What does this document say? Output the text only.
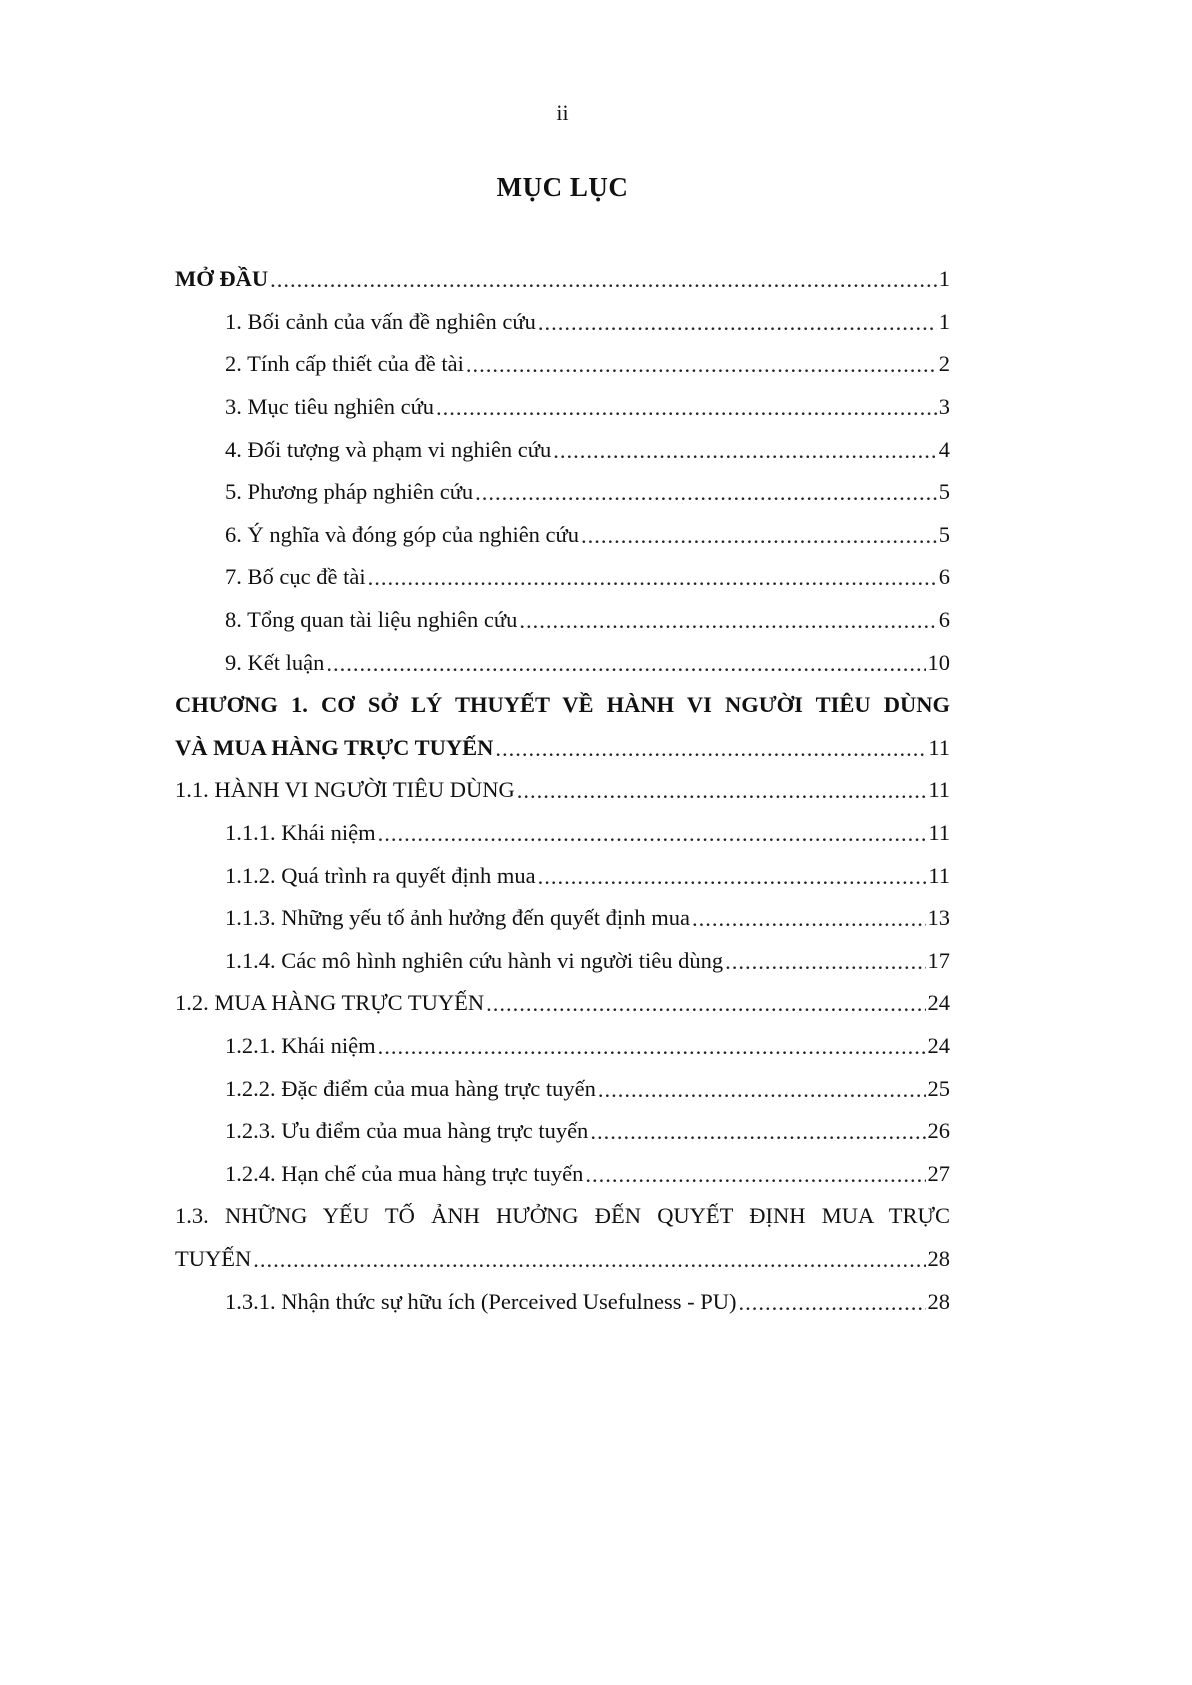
ii
MỤC LỤC
MỞ ĐẦU .....	1
1. Bối cảnh của vấn đề nghiên cứu .....	1
2. Tính cấp thiết của đề tài .....	2
3. Mục tiêu nghiên cứu .....	3
4. Đối tượng và phạm vi nghiên cứu .....	4
5. Phương pháp nghiên cứu .....	5
6. Ý nghĩa và đóng góp của nghiên cứu .....	5
7. Bố cục đề tài .....	6
8. Tổng quan tài liệu nghiên cứu .....	6
9. Kết luận .....	10
CHƯƠNG 1. CƠ SỞ LÝ THUYẾT VỀ HÀNH VI NGƯỜI TIÊU DÙNG
VÀ MUA HÀNG TRỰC TUYẾN .....	11
1.1. HÀNH VI NGƯỜI TIÊU DÙNG .....	11
1.1.1. Khái niệm .....	11
1.1.2. Quá trình ra quyết định mua .....	11
1.1.3. Những yếu tố ảnh hưởng đến quyết định mua .....	13
1.1.4. Các mô hình nghiên cứu hành vi người tiêu dùng .....	17
1.2. MUA HÀNG TRỰC TUYẾN .....	24
1.2.1. Khái niệm .....	24
1.2.2. Đặc điểm của mua hàng trực tuyến .....	25
1.2.3. Ưu điểm của mua hàng trực tuyến .....	26
1.2.4. Hạn chế của mua hàng trực tuyến .....	27
1.3. NHỮNG YẾU TỐ ẢNH HƯỞNG ĐẾN QUYẾT ĐỊNH MUA TRỰC
TUYẾN .....	28
1.3.1. Nhận thức sự hữu ích (Perceived Usefulness - PU) .....	28
